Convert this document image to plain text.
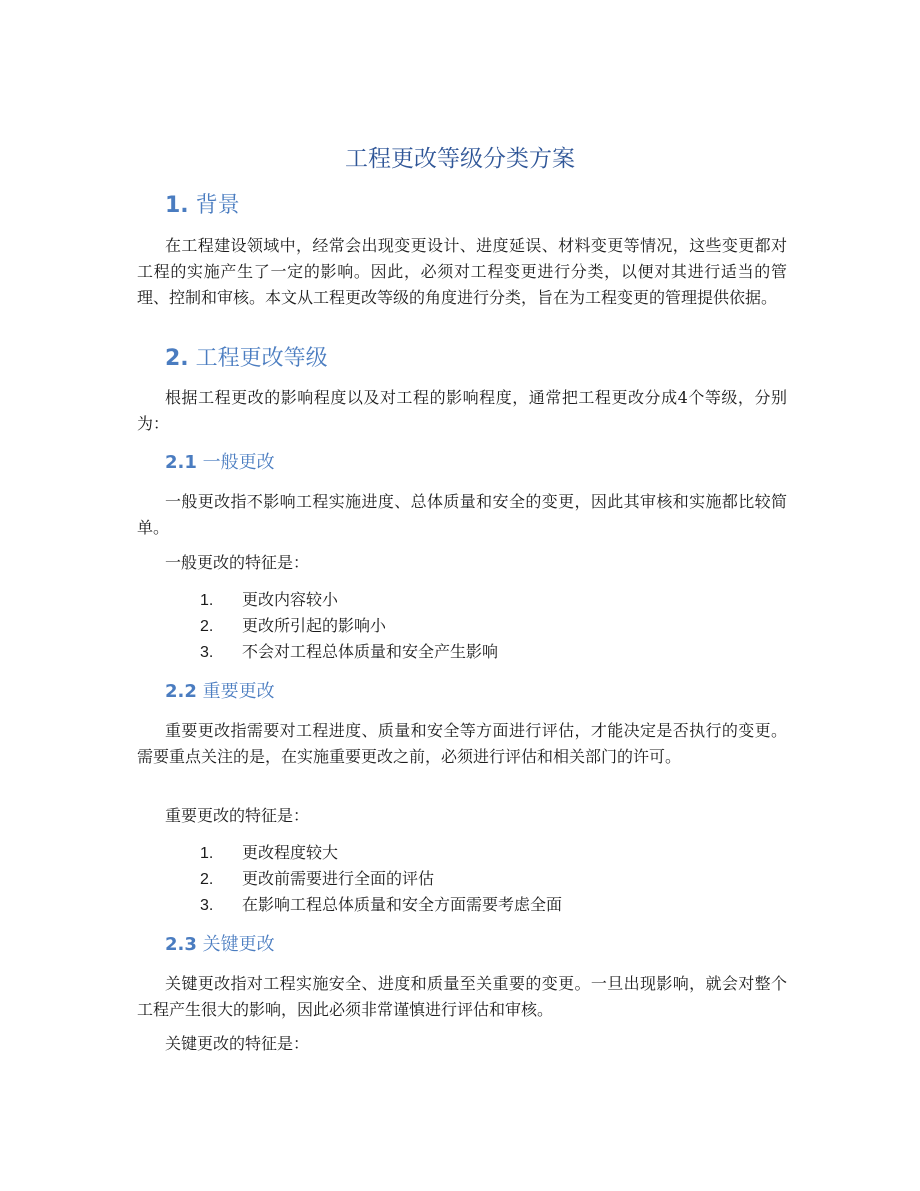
工程更改等级分类方案
1. 背景

在工程建设领域中，经常会出现变更设计、进度延误、材料变更等情况，这些变更都对工程的实施产生了一定的影响。因此，必须对工程变更进行分类，以便对其进行适当的管理、控制和审核。本文从工程更改等级的角度进行分类，旨在为工程变更的管理提供依据。

2. 工程更改等级

根据工程更改的影响程度以及对工程的影响程度，通常把工程更改分成4个等级，分别为：

2.1 一般更改

一般更改指不影响工程实施进度、总体质量和安全的变更，因此其审核和实施都比较简单。

一般更改的特征是：

1. 更改内容较小
2. 更改所引起的影响小
3. 不会对工程总体质量和安全产生影响
2.2 重要更改

重要更改指需要对工程进度、质量和安全等方面进行评估，才能决定是否执行的变更。需要重点关注的是，在实施重要更改之前，必须进行评估和相关部门的许可。

重要更改的特征是：

1. 更改程度较大
2. 更改前需要进行全面的评估
3. 在影响工程总体质量和安全方面需要考虑全面
2.3 关键更改

关键更改指对工程实施安全、进度和质量至关重要的变更。一旦出现影响，就会对整个工程产生很大的影响，因此必须非常谨慎进行评估和审核。

关键更改的特征是：
